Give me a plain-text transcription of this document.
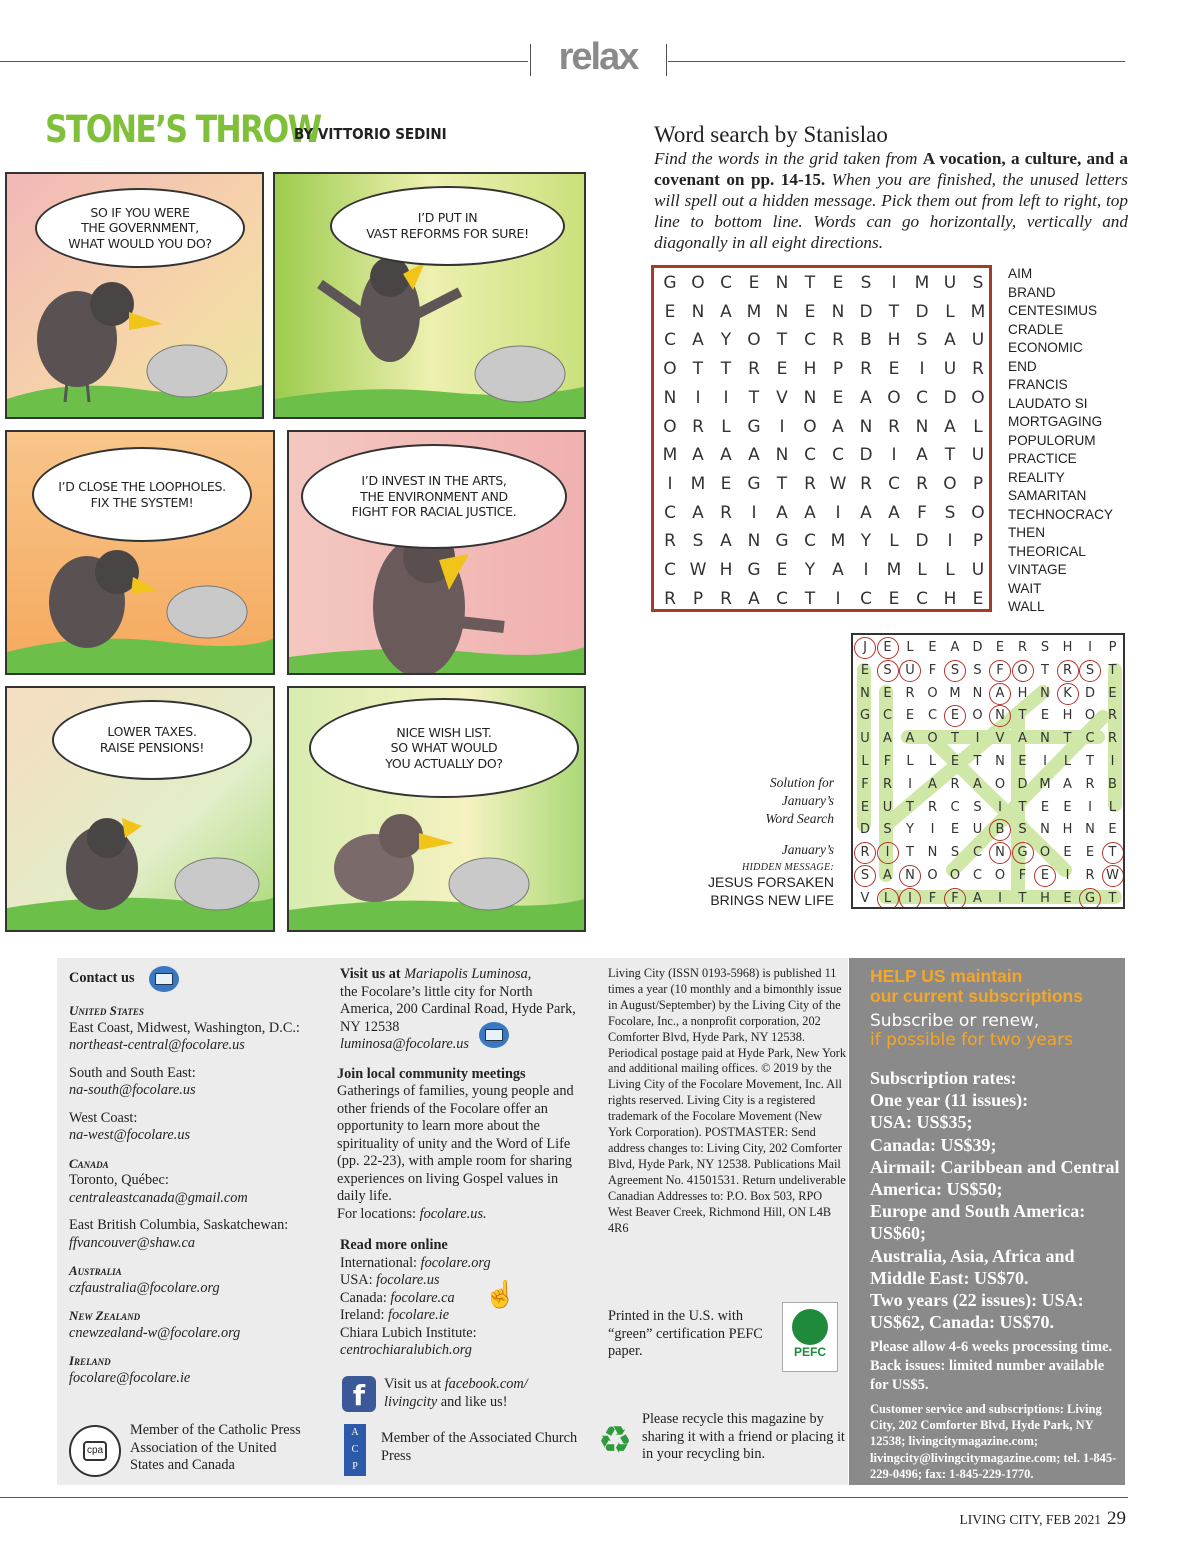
relax
STONE’S THROW
BY VITTORIO SEDINI
SO IF YOU WERE
THE GOVERNMENT,
WHAT WOULD YOU DO?
I’D PUT IN
VAST REFORMS FOR SURE!
I’D CLOSE THE LOOPHOLES.
FIX THE SYSTEM!
I’D INVEST IN THE ARTS,
THE ENVIRONMENT AND
FIGHT FOR RACIAL JUSTICE.
LOWER TAXES.
RAISE PENSIONS!
NICE WISH LIST.
SO WHAT WOULD
YOU ACTUALLY DO?
Word search by Stanislao
Find the words in the grid taken from A vocation, a culture, and a covenant on pp. 14-15. When you are finished, the unused letters will spell out a hidden message. Pick them out from left to right, top line to bottom line. Words can go horizontally, vertically and diagonally in all eight directions.
G O C E N T	E	S	I	M U S
E N A M N E N D T D L M
C A Y O T C R B H S A U
O T	T R E H P R E	I	U R
N	I	I	T V N E A O C D O
O R	L G	I	O A N R N A	L
M A A A N C C D	I	A T U
I	M E G T R W R C R O P
C A R	I	A A	I	A A	F	S O
R S A N G C M Y	L D	I	P
C W H G E	Y A	I	M L	L	U
R P R A C T	I	C E C H E
AIM
BRAND
CENTESIMUS
CRADLE
ECONOMIC
END
FRANCIS
LAUDATO SI
MORTGAGING
POPULORUM
PRACTICE
REALITY
SAMARITAN
TECHNOCRACY
THEN
THEORICAL
VINTAGE
WAIT
WALL
Solution for
January’s
Word Search
January’s
HIDDEN MESSAGE:
JESUS FORSAKEN
BRINGS NEW LIFE
J	E	L	E	A	D	E	R	S	H	I	P
E	S	U	F	S	S	F	O	T	R	S	T
N	E	R O M N	A	H N	K	D	E
G C	E	C	E	O N	T	E	H O R
U	A	A O	T	I	V	A	N	T	C	R
L	F	L	L	E	T	N	E	I	L	T	I
F	R	I	A	R	A O D M A	R	B
E	U	T	R	C	S	I	T	E	E	I	L
D	S	Y	I	E	U	B	S	N H N	E
R	I	T	N	S	C	N G O	E	E	T
S	A	N O O C O	F	E	I	R W
V	L	I	F	F	A	I	T	H	E	G	T
Contact us

United States
East Coast, Midwest, Washington, D.C.:
northeast-central@focolare.us

South and South East:
na-south@focolare.us

West Coast:
na-west@focolare.us

Canada
Toronto, Québec:
centraleastcanada@gmail.com

East British Columbia, Saskatchewan:
ffvancouver@shaw.ca

Australia
czfaustralia@focolare.org

New Zealand
cnewzealand-w@focolare.org

Ireland
focolare@focolare.ie

cpa
Member of the Catholic Press Association of the United States and Canada
Visit us at Mariapolis Luminosa,
the Focolare’s little city for North America, 200 Cardinal Road, Hyde Park, NY 12538
luminosa@focolare.us
Join local community meetings
Gatherings of families, young people and other friends of the Focolare offer an opportunity to learn more about the spirituality of unity and the Word of Life (pp. 22-23), with ample room for sharing experiences on living Gospel values in daily life.
For locations: focolare.us.
Read more online
International: focolare.org
USA: focolare.us
Canada: focolare.ca
Ireland: focolare.ie
Chiara Lubich Institute:
centrochiaralubich.org
☝
f	Visit us at facebook.com/ livingcity and like us!
A
C
P
Member of the Associated Church Press
Living City (ISSN 0193-5968) is published 11 times a year (10 monthly and a bimonthly issue in August/September) by the Living City of the Focolare, Inc., a nonprofit corporation, 202 Comforter Blvd, Hyde Park, NY 12538. Periodical postage paid at Hyde Park, New York and additional mailing offices. © 2019 by the Living City of the Focolare Movement, Inc. All rights reserved. Living City is a registered trademark of the Focolare Movement (New York Corporation). POSTMASTER: Send address changes to: Living City, 202 Comforter Blvd, Hyde Park, NY 12538. Publications Mail Agreement No. 41501531. Return undeliverable Canadian Addresses to: P.O. Box 503, RPO West Beaver Creek, Richmond Hill, ON L4B 4R6
Printed in the U.S. with “green” certification PEFC paper.	PEFC
♻
Please recycle this magazine by sharing it with a friend or placing it in your recycling bin.
HELP US maintain
our current subscriptions
Subscribe or renew,
if possible for two years
Subscription rates:
One year (11 issues):
USA: US$35;
Canada: US$39;
Airmail: Caribbean and Central America: US$50;
Europe and South America: US$60;
Australia, Asia, Africa and Middle East: US$70.
Two years (22 issues): USA: US$62, Canada: US$70.
Please allow 4-6 weeks processing time. Back issues: limited number available for US$5.
Customer service and subscriptions: Living City, 202 Comforter Blvd, Hyde Park, NY 12538; livingcitymagazine.com; livingcity@livingcitymagazine.com; tel. 1-845-229-0496; fax: 1-845-229-1770.
LIVING CITY, FEB 2021 29
